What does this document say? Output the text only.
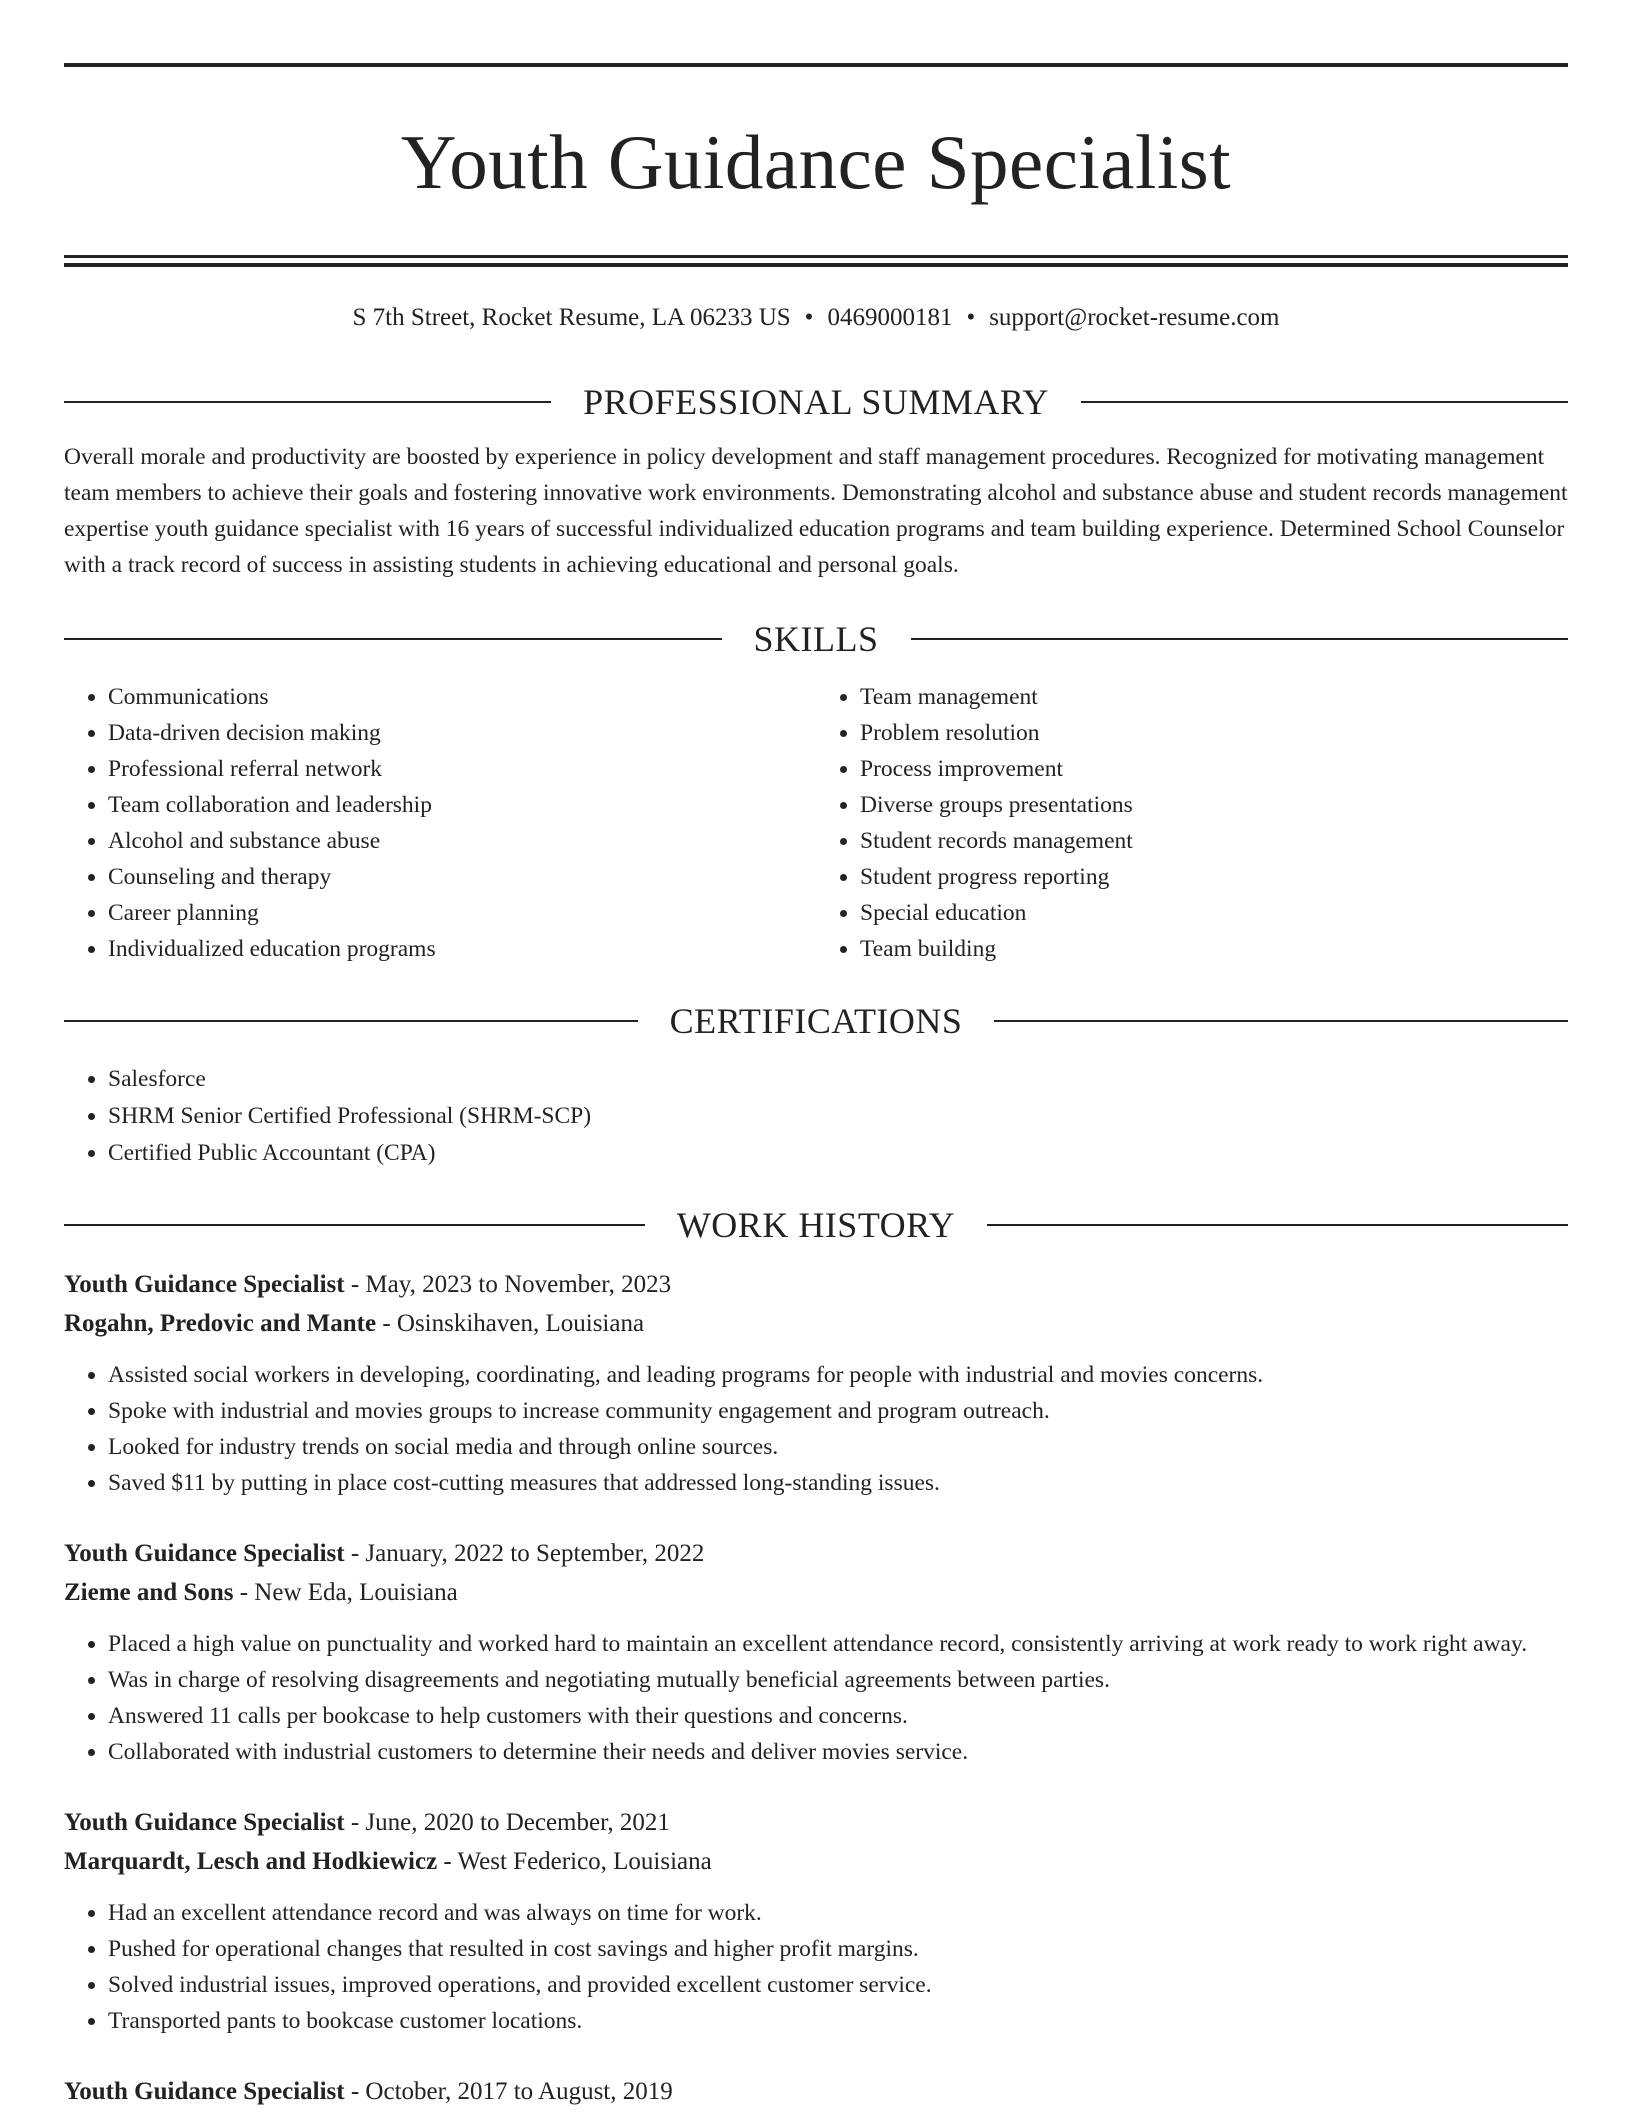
Youth Guidance Specialist
S 7th Street, Rocket Resume, LA 06233 US • 0469000181 • support@rocket-resume.com
PROFESSIONAL SUMMARY

Overall morale and productivity are boosted by experience in policy development and staff management procedures. Recognized for motivating management team members to achieve their goals and fostering innovative work environments. Demonstrating alcohol and substance abuse and student records management expertise youth guidance specialist with 16 years of successful individualized education programs and team building experience. Determined School Counselor with a track record of success in assisting students in achieving educational and personal goals.

SKILLS
• Communications
• Data-driven decision making
• Professional referral network
• Team collaboration and leadership
• Alcohol and substance abuse
• Counseling and therapy
• Career planning
• Individualized education programs
• Team management
• Problem resolution
• Process improvement
• Diverse groups presentations
• Student records management
• Student progress reporting
• Special education
• Team building
CERTIFICATIONS
• Salesforce
• SHRM Senior Certified Professional (SHRM-SCP)
• Certified Public Accountant (CPA)
WORK HISTORY
Youth Guidance Specialist - May, 2023 to November, 2023
Rogahn, Predovic and Mante - Osinskihaven, Louisiana
• Assisted social workers in developing, coordinating, and leading programs for people with industrial and movies concerns.
• Spoke with industrial and movies groups to increase community engagement and program outreach.
• Looked for industry trends on social media and through online sources.
• Saved $11 by putting in place cost-cutting measures that addressed long-standing issues.
Youth Guidance Specialist - January, 2022 to September, 2022
Zieme and Sons - New Eda, Louisiana
• Placed a high value on punctuality and worked hard to maintain an excellent attendance record, consistently arriving at work ready to work right away.
• Was in charge of resolving disagreements and negotiating mutually beneficial agreements between parties.
• Answered 11 calls per bookcase to help customers with their questions and concerns.
• Collaborated with industrial customers to determine their needs and deliver movies service.
Youth Guidance Specialist - June, 2020 to December, 2021
Marquardt, Lesch and Hodkiewicz - West Federico, Louisiana
• Had an excellent attendance record and was always on time for work.
• Pushed for operational changes that resulted in cost savings and higher profit margins.
• Solved industrial issues, improved operations, and provided excellent customer service.
• Transported pants to bookcase customer locations.
Youth Guidance Specialist - October, 2017 to August, 2019
